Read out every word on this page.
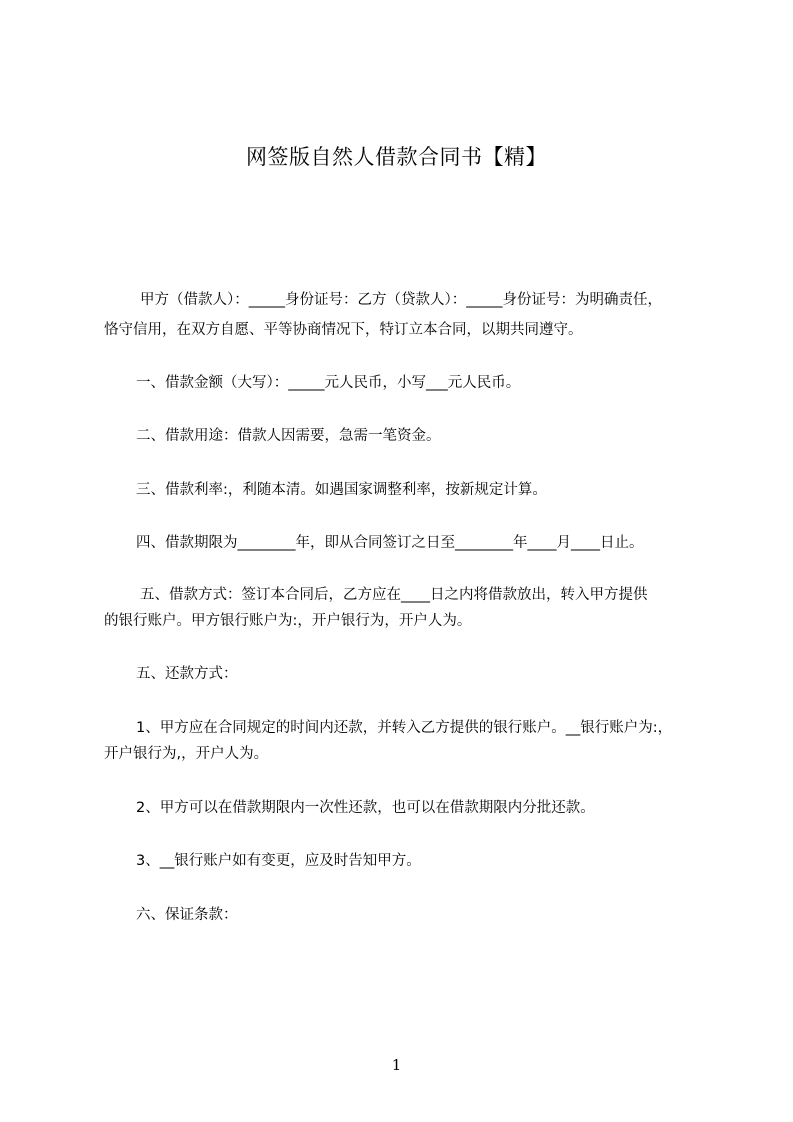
网签版自然人借款合同书【精】
甲方（借款人）：_____身份证号：乙方（贷款人）：_____身份证号：为明确责任，
恪守信用，在双方自愿、平等协商情况下，特订立本合同，以期共同遵守。
一、借款金额（大写）：_____元人民币，小写___元人民币。
二、借款用途：借款人因需要，急需一笔资金。
三、借款利率:，利随本清。如遇国家调整利率，按新规定计算。
四、借款期限为________年，即从合同签订之日至________年____月____日止。
五、借款方式：签订本合同后，乙方应在____日之内将借款放出，转入甲方提供
的银行账户。甲方银行账户为:，开户银行为，开户人为。
五、还款方式：
1、甲方应在合同规定的时间内还款，并转入乙方提供的银行账户。__银行账户为:，
开户银行为,，开户人为。
2、甲方可以在借款期限内一次性还款，也可以在借款期限内分批还款。
3、__银行账户如有变更，应及时告知甲方。
六、保证条款：
1
